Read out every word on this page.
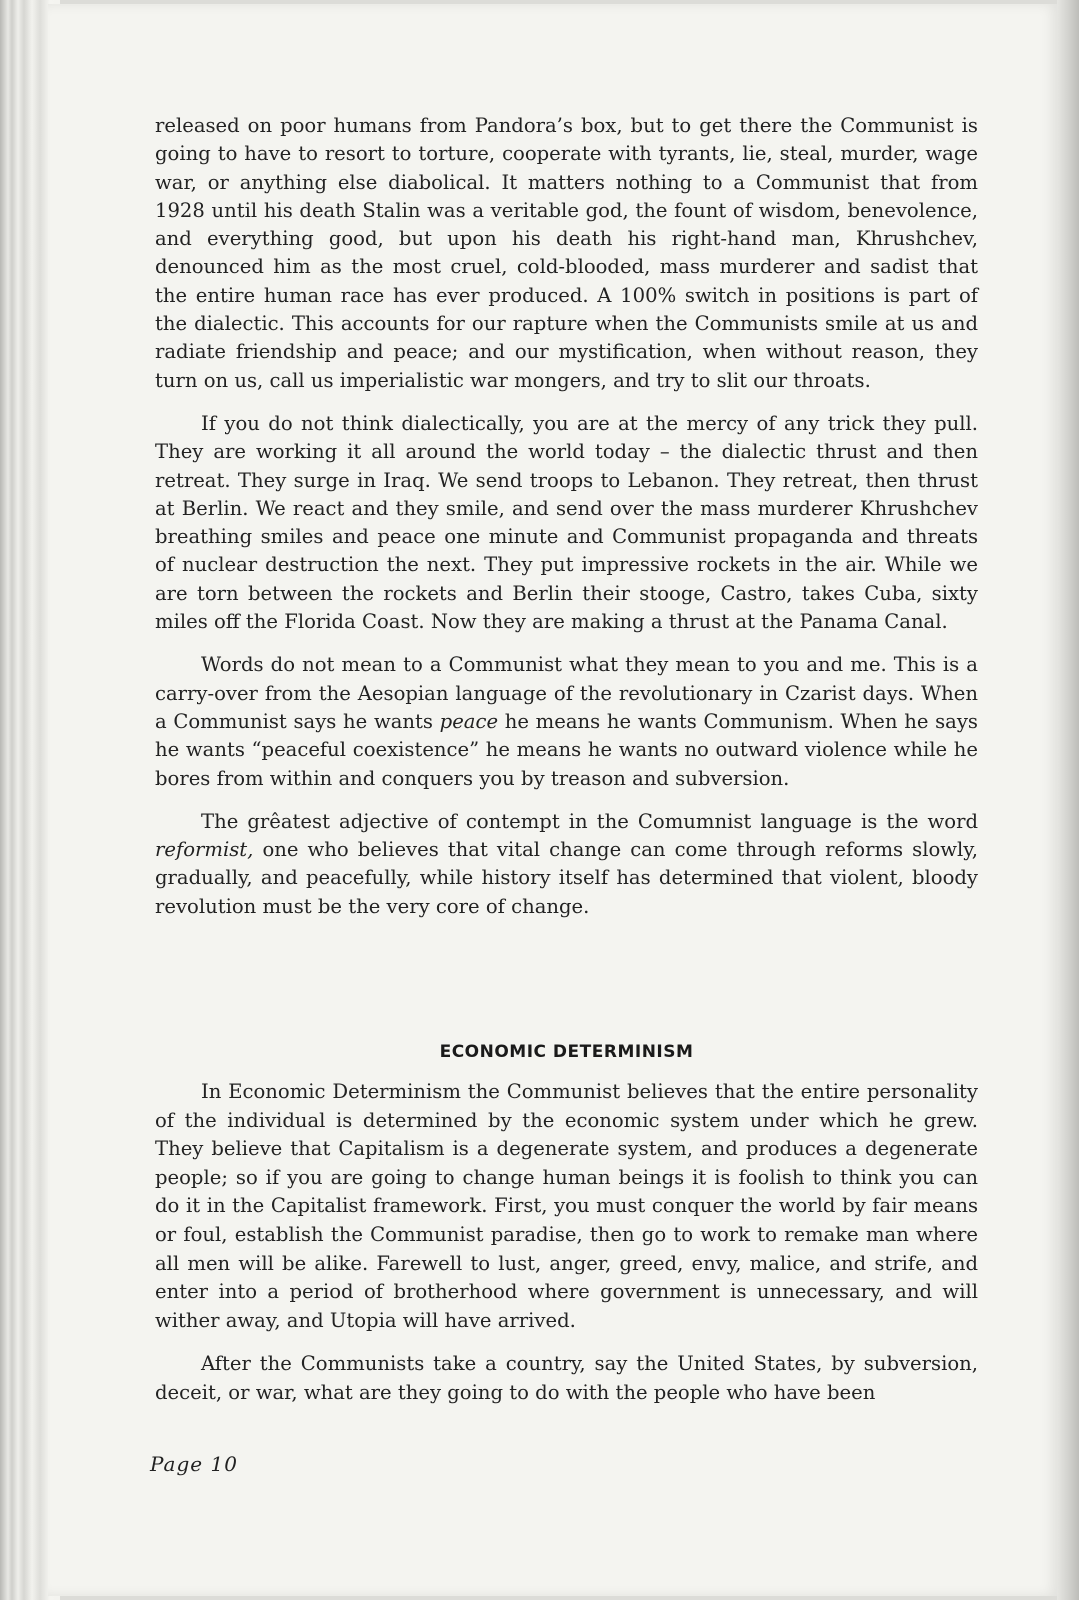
released on poor humans from Pandora’s box, but to get there the Communist is going to have to resort to torture, cooperate with tyrants, lie, steal, murder, wage war, or anything else diabolical. It matters nothing to a Communist that from 1928 until his death Stalin was a veritable god, the fount of wisdom, benevolence, and everything good, but upon his death his right-hand man, Khrushchev, denounced him as the most cruel, cold-blooded, mass murderer and sadist that the entire human race has ever produced. A 100% switch in positions is part of the dialectic. This accounts for our rapture when the Communists smile at us and radiate friendship and peace; and our mystification, when without reason, they turn on us, call us imperialistic war mongers, and try to slit our throats.

If you do not think dialectically, you are at the mercy of any trick they pull. They are working it all around the world today – the dialectic thrust and then retreat. They surge in Iraq. We send troops to Lebanon. They retreat, then thrust at Berlin. We react and they smile, and send over the mass murderer Khrushchev breathing smiles and peace one minute and Communist propaganda and threats of nuclear destruction the next. They put impressive rockets in the air. While we are torn between the rockets and Berlin their stooge, Castro, takes Cuba, sixty miles off the Florida Coast. Now they are making a thrust at the Panama Canal.

Words do not mean to a Communist what they mean to you and me. This is a carry-over from the Aesopian language of the revolutionary in Czarist days. When a Communist says he wants peace he means he wants Communism. When he says he wants “peaceful coexistence” he means he wants no outward violence while he bores from within and conquers you by treason and subversion.

The grêatest adjective of contempt in the Comumnist language is the word reformist, one who believes that vital change can come through reforms slowly, gradually, and peacefully, while history itself has determined that violent, bloody revolution must be the very core of change.

ECONOMIC DETERMINISM

In Economic Determinism the Communist believes that the entire personality of the individual is determined by the economic system under which he grew. They believe that Capitalism is a degenerate system, and produces a degenerate people; so if you are going to change human beings it is foolish to think you can do it in the Capitalist framework. First, you must conquer the world by fair means or foul, establish the Communist paradise, then go to work to remake man where all men will be alike. Farewell to lust, anger, greed, envy, malice, and strife, and enter into a period of brotherhood where government is unnecessary, and will wither away, and Utopia will have arrived.

After the Communists take a country, say the United States, by subversion, deceit, or war, what are they going to do with the people who have been

Page 10
